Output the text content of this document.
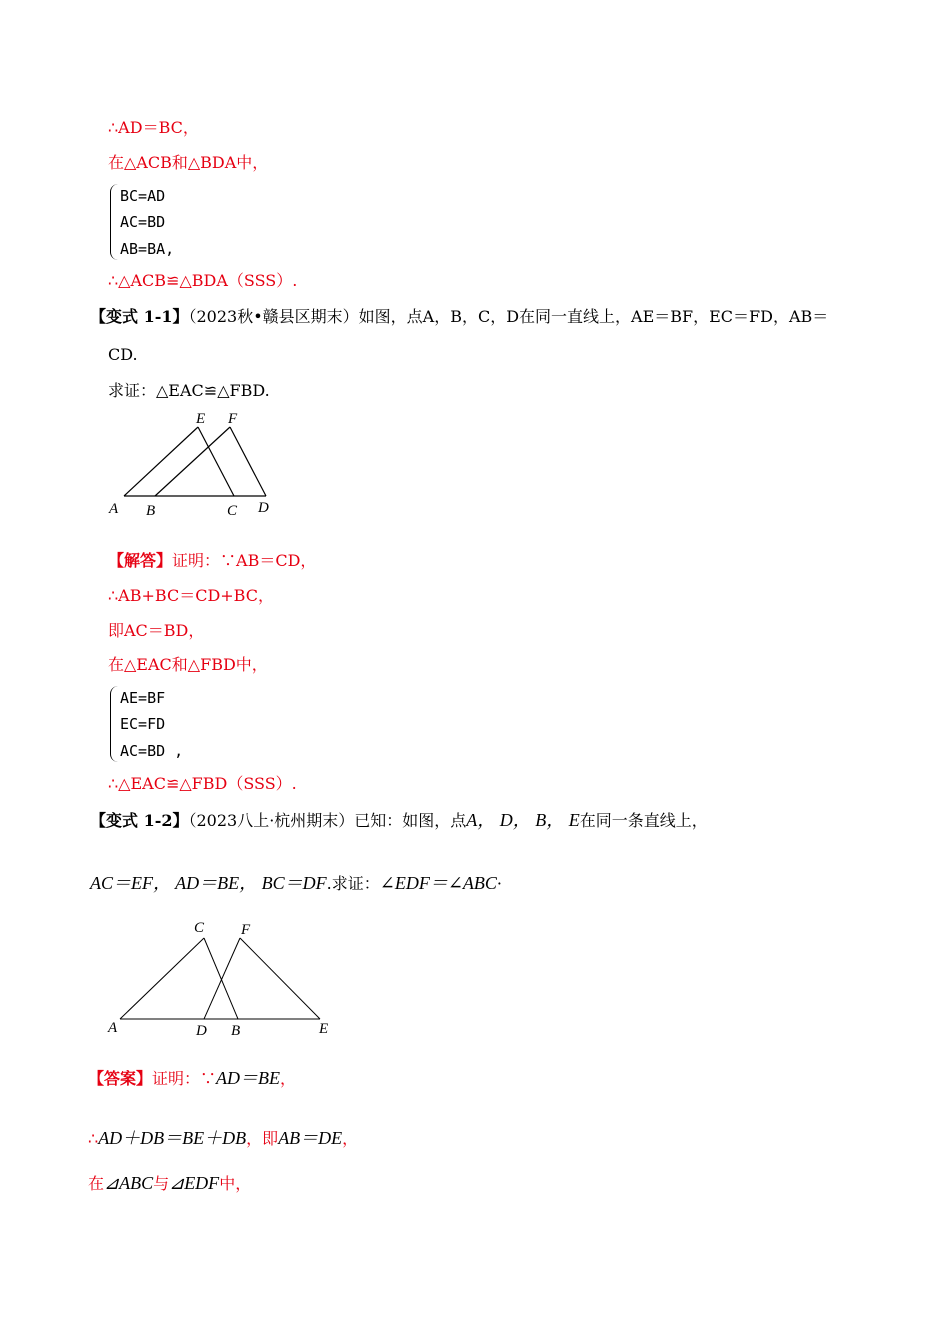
∴AD＝BC，
在△ACB和△BDA中，
BC=AD
AC=BD
AB=BA,
∴△ACB≌△BDA（SSS）.
【变式 1-1】（2023秋•赣县区期末）如图，点A，B，C，D在同一直线上，AE＝BF，EC＝FD，AB＝
CD.
求证：△EAC≌△FBD.
E F
A B	C D
【解答】证明：∵AB＝CD，
∴AB+BC＝CD+BC，
即AC＝BD，
在△EAC和△FBD中，
AE=BF
EC=FD
AC=BD ,
∴△EAC≌△FBD（SSS）.
【变式 1-2】（2023八上·杭州期末）已知：如图，点A， D， B， E在同一条直线上，
AC＝EF， AD＝BE， BC＝DF.求证：∠EDF＝∠ABC·
C F
A	D B	E
【答案】证明：∵AD＝BE，
∴AD＋DB＝BE＋DB，即AB＝DE，
在⊿ABC与⊿EDF中，
